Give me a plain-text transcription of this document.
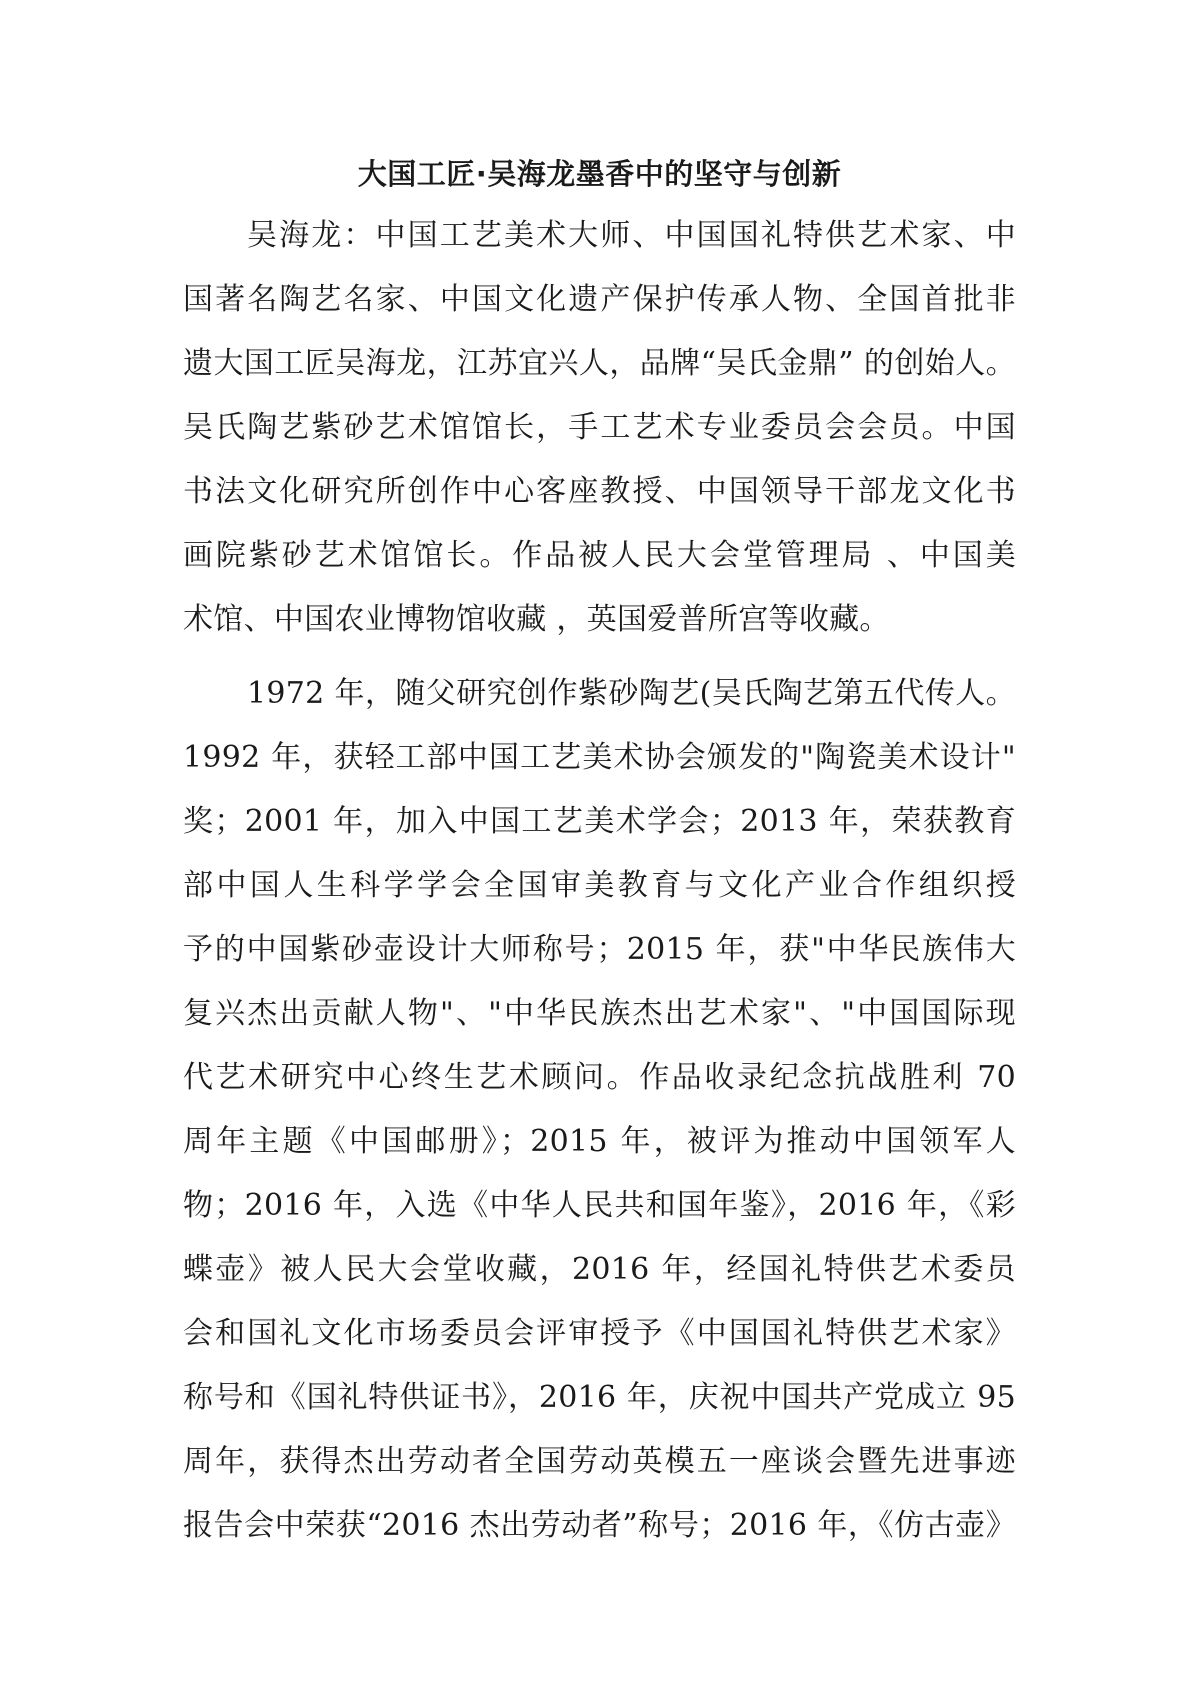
大国工匠·吴海龙墨香中的坚守与创新
吴海龙：中国工艺美术大师、中国国礼特供艺术家、中
国著名陶艺名家、中国文化遗产保护传承人物、全国首批非
遗大国工匠吴海龙，江苏宜兴人，品牌“吴氏金鼎” 的创始人。
吴氏陶艺紫砂艺术馆馆长，手工艺术专业委员会会员。中国
书法文化研究所创作中心客座教授、中国领导干部龙文化书
画院紫砂艺术馆馆长。作品被人民大会堂管理局 、中国美
术馆、中国农业博物馆收藏 ，英国爱普所宫等收藏。
1972 年，随父研究创作紫砂陶艺(吴氏陶艺第五代传人。
1992 年，获轻工部中国工艺美术协会颁发的"陶瓷美术设计"
奖；2001 年，加入中国工艺美术学会；2013 年，荣获教育
部中国人生科学学会全国审美教育与文化产业合作组织授
予的中国紫砂壶设计大师称号；2015 年，获"中华民族伟大
复兴杰出贡献人物"、"中华民族杰出艺术家"、"中国国际现
代艺术研究中心终生艺术顾问。作品收录纪念抗战胜利 70
周年主题《中国邮册》；2015 年，被评为推动中国领军人
物；2016 年，入选《中华人民共和国年鉴》，2016 年，《彩
蝶壶》被人民大会堂收藏，2016 年，经国礼特供艺术委员
会和国礼文化市场委员会评审授予《中国国礼特供艺术家》
称号和《国礼特供证书》，2016 年，庆祝中国共产党成立 95
周年，获得杰出劳动者全国劳动英模五一座谈会暨先进事迹
报告会中荣获“2016 杰出劳动者”称号；2016 年，《仿古壶》
